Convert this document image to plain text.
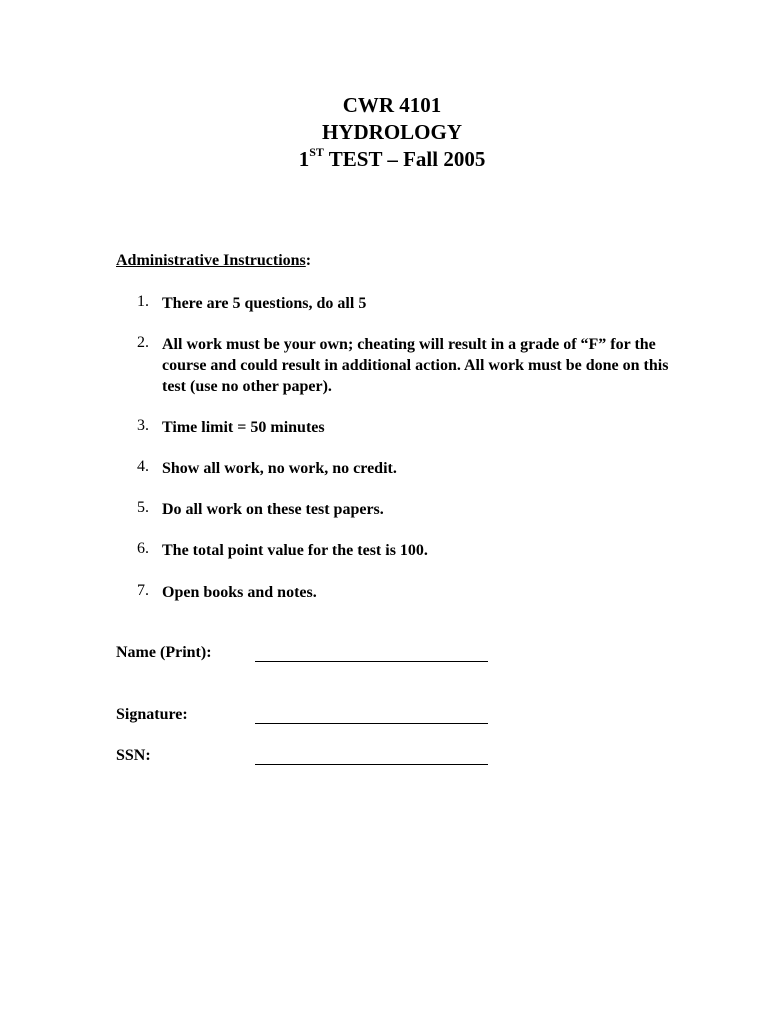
CWR 4101
HYDROLOGY
1ST TEST – Fall 2005
Administrative Instructions:
1. There are 5 questions, do all 5
2. All work must be your own; cheating will result in a grade of “F” for the course and could result in additional action. All work must be done on this test (use no other paper).
3. Time limit = 50 minutes
4. Show all work, no work, no credit.
5. Do all work on these test papers.
6. The total point value for the test is 100.
7. Open books and notes.
Name (Print):
Signature:
SSN:
